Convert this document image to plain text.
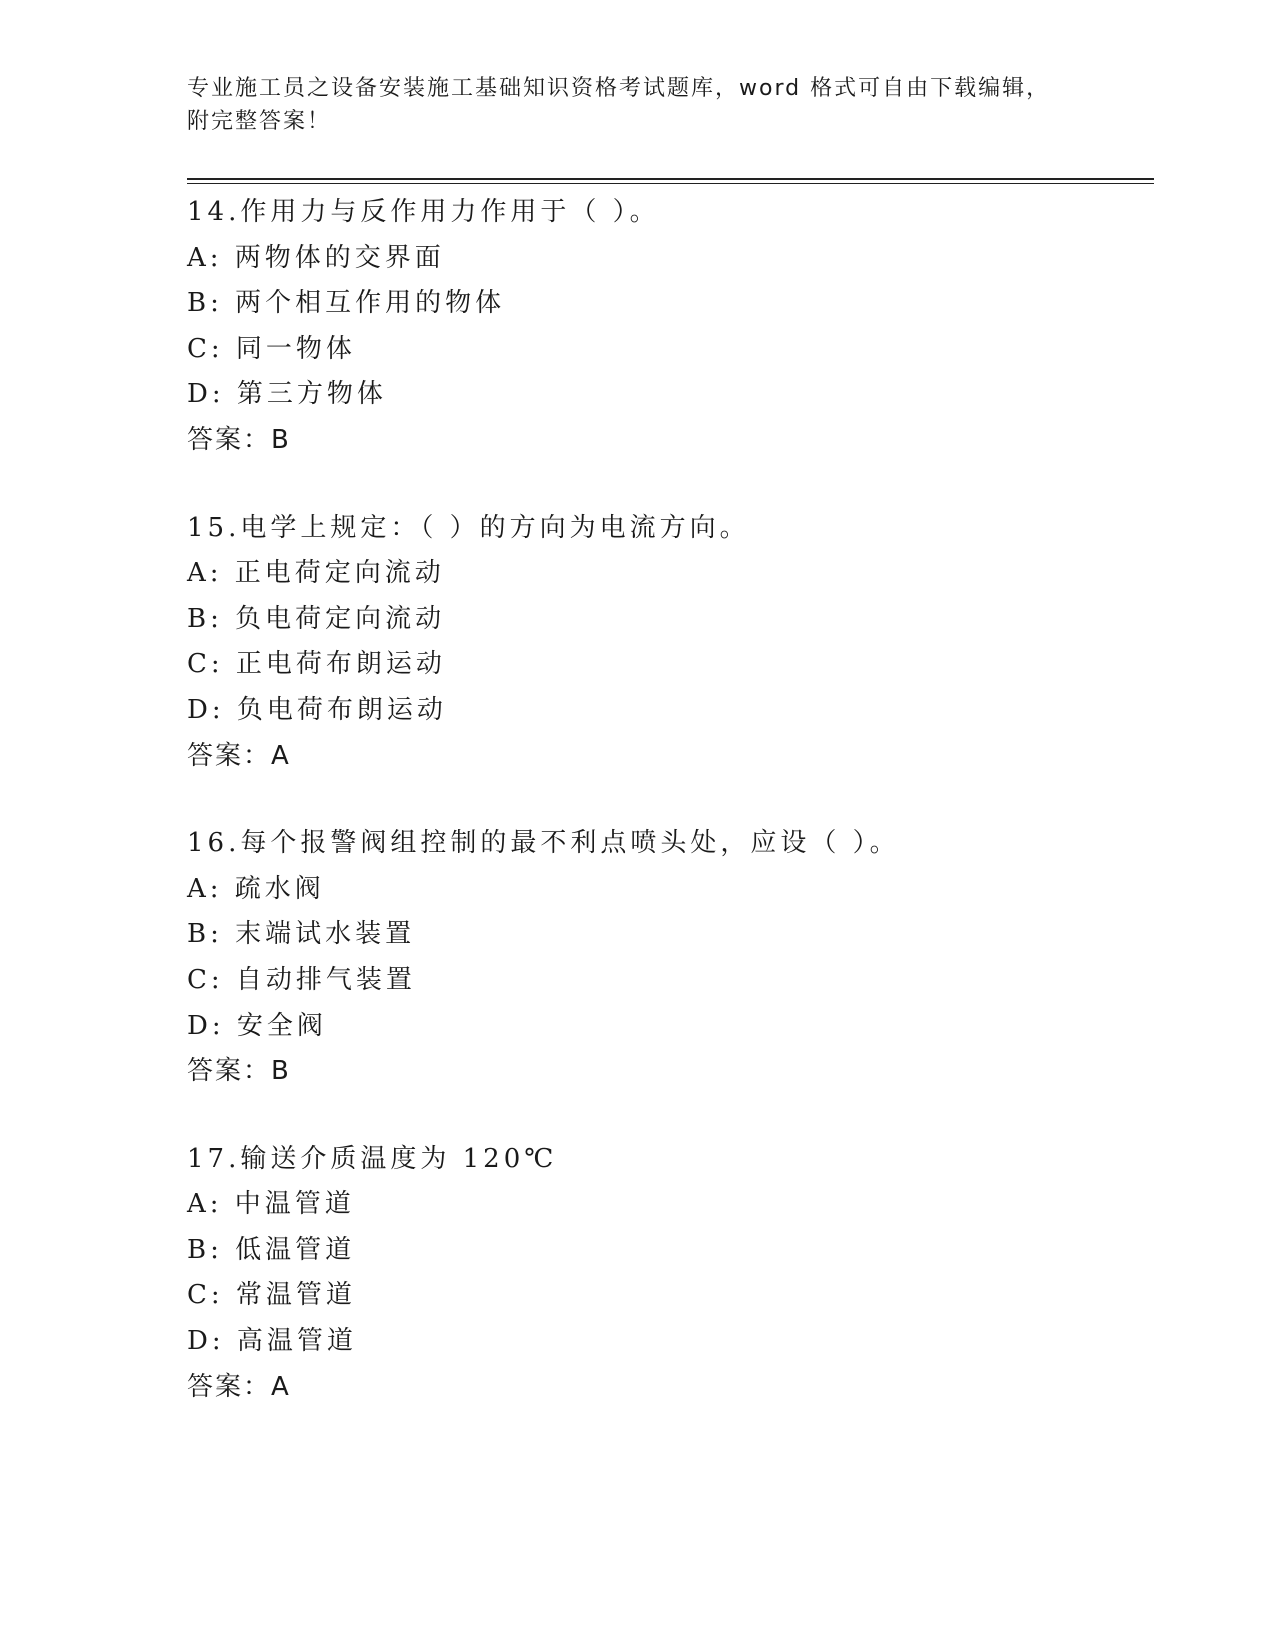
专业施工员之设备安装施工基础知识资格考试题库，word 格式可自由下载编辑，
附完整答案！
14.作用力与反作用力作用于（ ）。
A: 两物体的交界面
B: 两个相互作用的物体
C: 同一物体
D: 第三方物体
答案：B
15.电学上规定：（ ）的方向为电流方向。
A: 正电荷定向流动
B: 负电荷定向流动
C: 正电荷布朗运动
D: 负电荷布朗运动
答案：A
16.每个报警阀组控制的最不利点喷头处，应设（ ）。
A: 疏水阀
B: 末端试水装置
C: 自动排气装置
D: 安全阀
答案：B
17.输送介质温度为 120℃
A: 中温管道
B: 低温管道
C: 常温管道
D: 高温管道
答案：A
